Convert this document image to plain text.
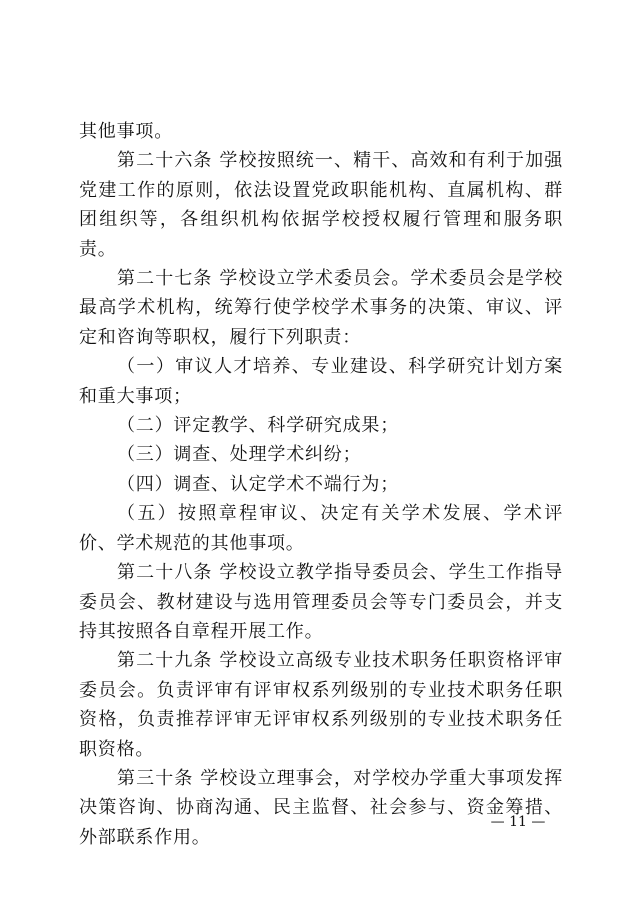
其他事项。

第二十六条 学校按照统一、精干、高效和有利于加强党建工作的原则，依法设置党政职能机构、直属机构、群团组织等，各组织机构依据学校授权履行管理和服务职责。

第二十七条 学校设立学术委员会。学术委员会是学校最高学术机构，统筹行使学校学术事务的决策、审议、评定和咨询等职权，履行下列职责：

（一）审议人才培养、专业建设、科学研究计划方案和重大事项；

（二）评定教学、科学研究成果；

（三）调查、处理学术纠纷；

（四）调查、认定学术不端行为；

（五）按照章程审议、决定有关学术发展、学术评价、学术规范的其他事项。

第二十八条 学校设立教学指导委员会、学生工作指导委员会、教材建设与选用管理委员会等专门委员会，并支持其按照各自章程开展工作。

第二十九条 学校设立高级专业技术职务任职资格评审委员会。负责评审有评审权系列级别的专业技术职务任职资格，负责推荐评审无评审权系列级别的专业技术职务任职资格。

第三十条 学校设立理事会，对学校办学重大事项发挥决策咨询、协商沟通、民主监督、社会参与、资金筹措、外部联系作用。

— 11 —
